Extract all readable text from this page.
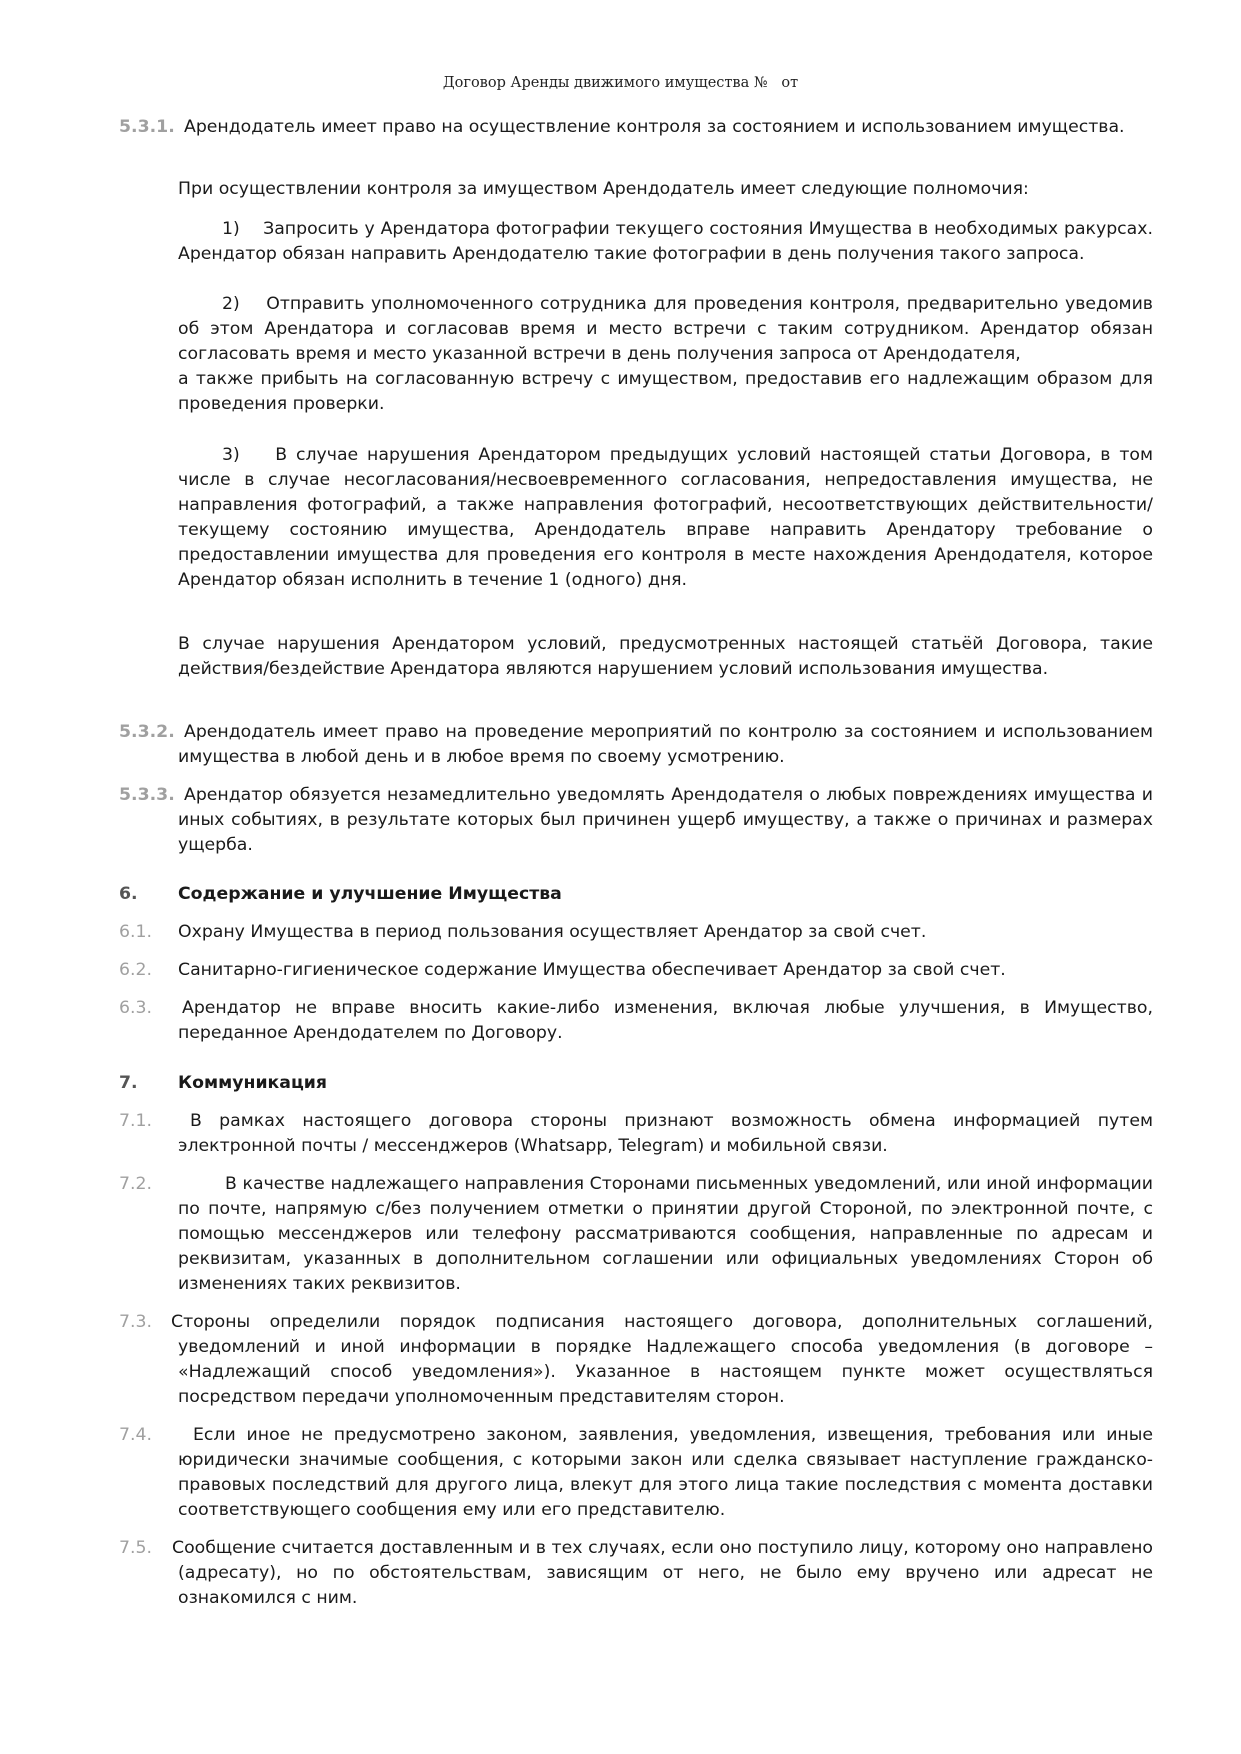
Договор Аренды движимого имущества №   от
5.3.1. Арендодатель имеет право на осуществление контроля за состоянием и использованием имущества.

При осуществлении контроля за имуществом Арендодатель имеет следующие полномочия:

1)    Запросить у Арендатора фотографии текущего состояния Имущества в необходимых ракурсах. Арендатор обязан направить Арендодателю такие фотографии в день получения такого запроса.

2)    Отправить уполномоченного сотрудника для проведения контроля, предварительно уведомив об этом Арендатора и согласовав время и место встречи с таким сотрудником. Арендатор обязан согласовать время и место указанной встречи в день получения запроса от Арендодателя,

а также прибыть на согласованную встречу с имуществом, предоставив его надлежащим образом для проведения проверки.

3)    В случае нарушения Арендатором предыдущих условий настоящей статьи Договора, в том числе в случае несогласования/несвоевременного согласования, непредоставления имущества, не направления фотографий, а также направления фотографий, несоответствующих действительности/текущему состоянию имущества, Арендодатель вправе направить Арендатору требование о предоставлении имущества для проведения его контроля в месте нахождения Арендодателя, которое Арендатор обязан исполнить в течение 1 (одного) дня.

В случае нарушения Арендатором условий, предусмотренных настоящей статьёй Договора, такие действия/бездействие Арендатора являются нарушением условий использования имущества.

5.3.2. Арендодатель имеет право на проведение мероприятий по контролю за состоянием и использованием имущества в любой день и в любое время по своему усмотрению.

5.3.3. Арендатор обязуется незамедлительно уведомлять Арендодателя о любых повреждениях имущества и иных событиях, в результате которых был причинен ущерб имуществу, а также о причинах и размерах ущерба.

6. Содержание и улучшение Имущества
6.1. Охрану Имущества в период пользования осуществляет Арендатор за свой счет.

6.2. Санитарно-гигиеническое содержание Имущества обеспечивает Арендатор за свой счет.

6.3. Арендатор не вправе вносить какие-либо изменения, включая любые улучшения, в Имущество, переданное Арендодателем по Договору.

7. Коммуникация
7.1.	В рамках настоящего договора стороны признают возможность обмена информацией путем электронной почты / мессенджеров (Whatsapp, Telegram) и мобильной связи.

7.2.	В качестве надлежащего направления Сторонами письменных уведомлений, или иной информации по почте, напрямую с/без получением отметки о принятии другой Стороной, по электронной почте, с помощью мессенджеров или телефону рассматриваются сообщения, направленные по адресам и реквизитам, указанных в дополнительном соглашении или официальных уведомлениях Сторон об изменениях таких реквизитов.

7.3. Стороны определили порядок подписания настоящего договора, дополнительных соглашений, уведомлений и иной информации в порядке Надлежащего способа уведомления (в договоре – «Надлежащий способ уведомления»). Указанное в настоящем пункте может осуществляться посредством передачи уполномоченным представителям сторон.

7.4.	Если иное не предусмотрено законом, заявления, уведомления, извещения, требования или иные юридически значимые сообщения, с которыми закон или сделка связывает наступление гражданско-правовых последствий для другого лица, влекут для этого лица такие последствия с момента доставки соответствующего сообщения ему или его представителю.

7.5. Сообщение считается доставленным и в тех случаях, если оно поступило лицу, которому оно направлено (адресату), но по обстоятельствам, зависящим от него, не было ему вручено или адресат не ознакомился с ним.
